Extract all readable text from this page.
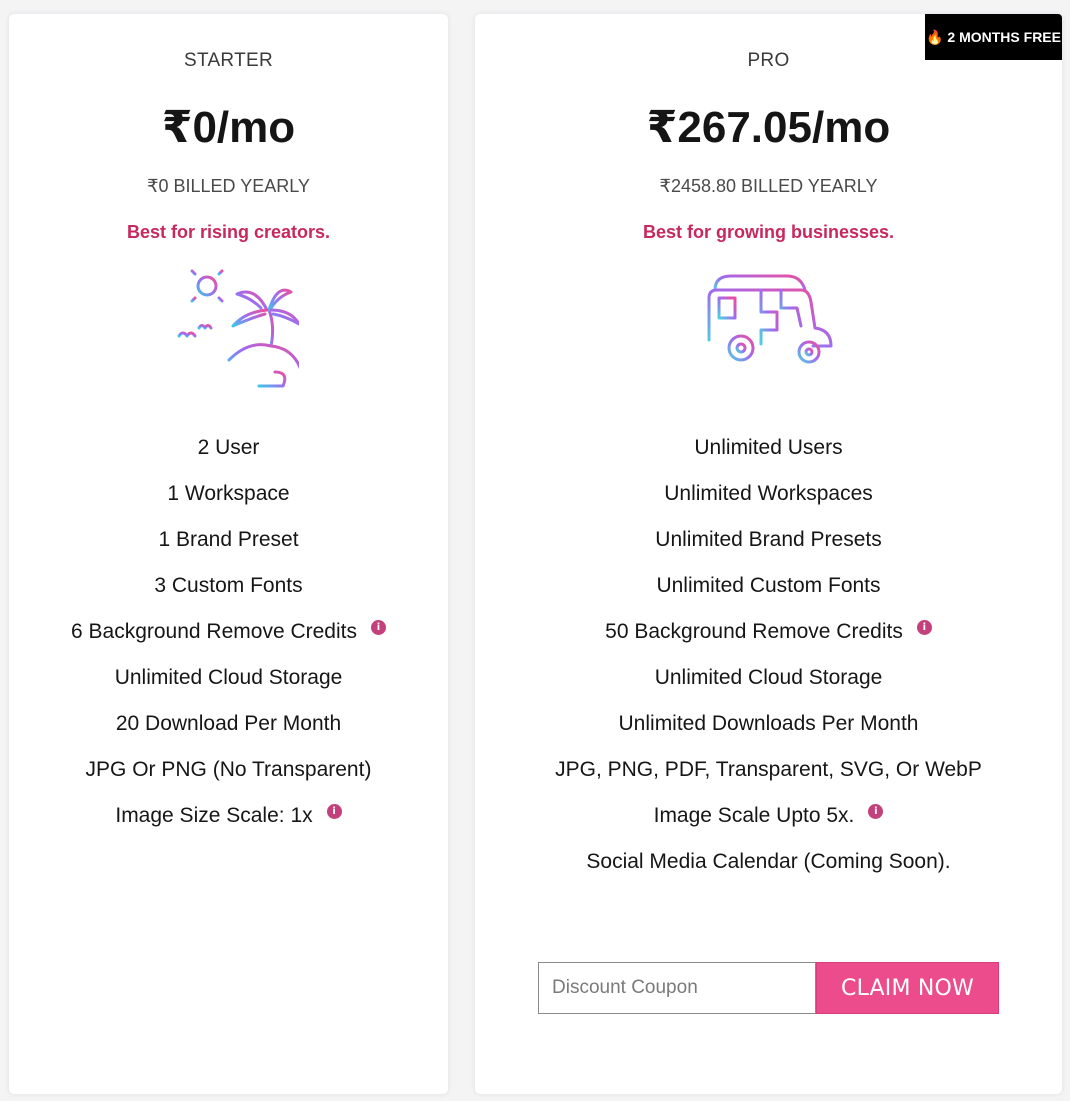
STARTER
₹0/mo
₹0 BILLED YEARLY
Best for rising creators.
2 User
1 Workspace
1 Brand Preset
3 Custom Fonts
6 Background Remove Credits	i
Unlimited Cloud Storage
20 Download Per Month
JPG Or PNG (No Transparent)
Image Size Scale: 1x	i
🔥 2 MONTHS FREE
PRO
₹267.05/mo
₹2458.80 BILLED YEARLY
Best for growing businesses.
Unlimited Users
Unlimited Workspaces
Unlimited Brand Presets
Unlimited Custom Fonts
50 Background Remove Credits	i
Unlimited Cloud Storage
Unlimited Downloads Per Month
JPG, PNG, PDF, Transparent, SVG, Or WebP
Image Scale Upto 5x.	i
Social Media Calendar (Coming Soon).
Discount Coupon
CLAIM NOW
